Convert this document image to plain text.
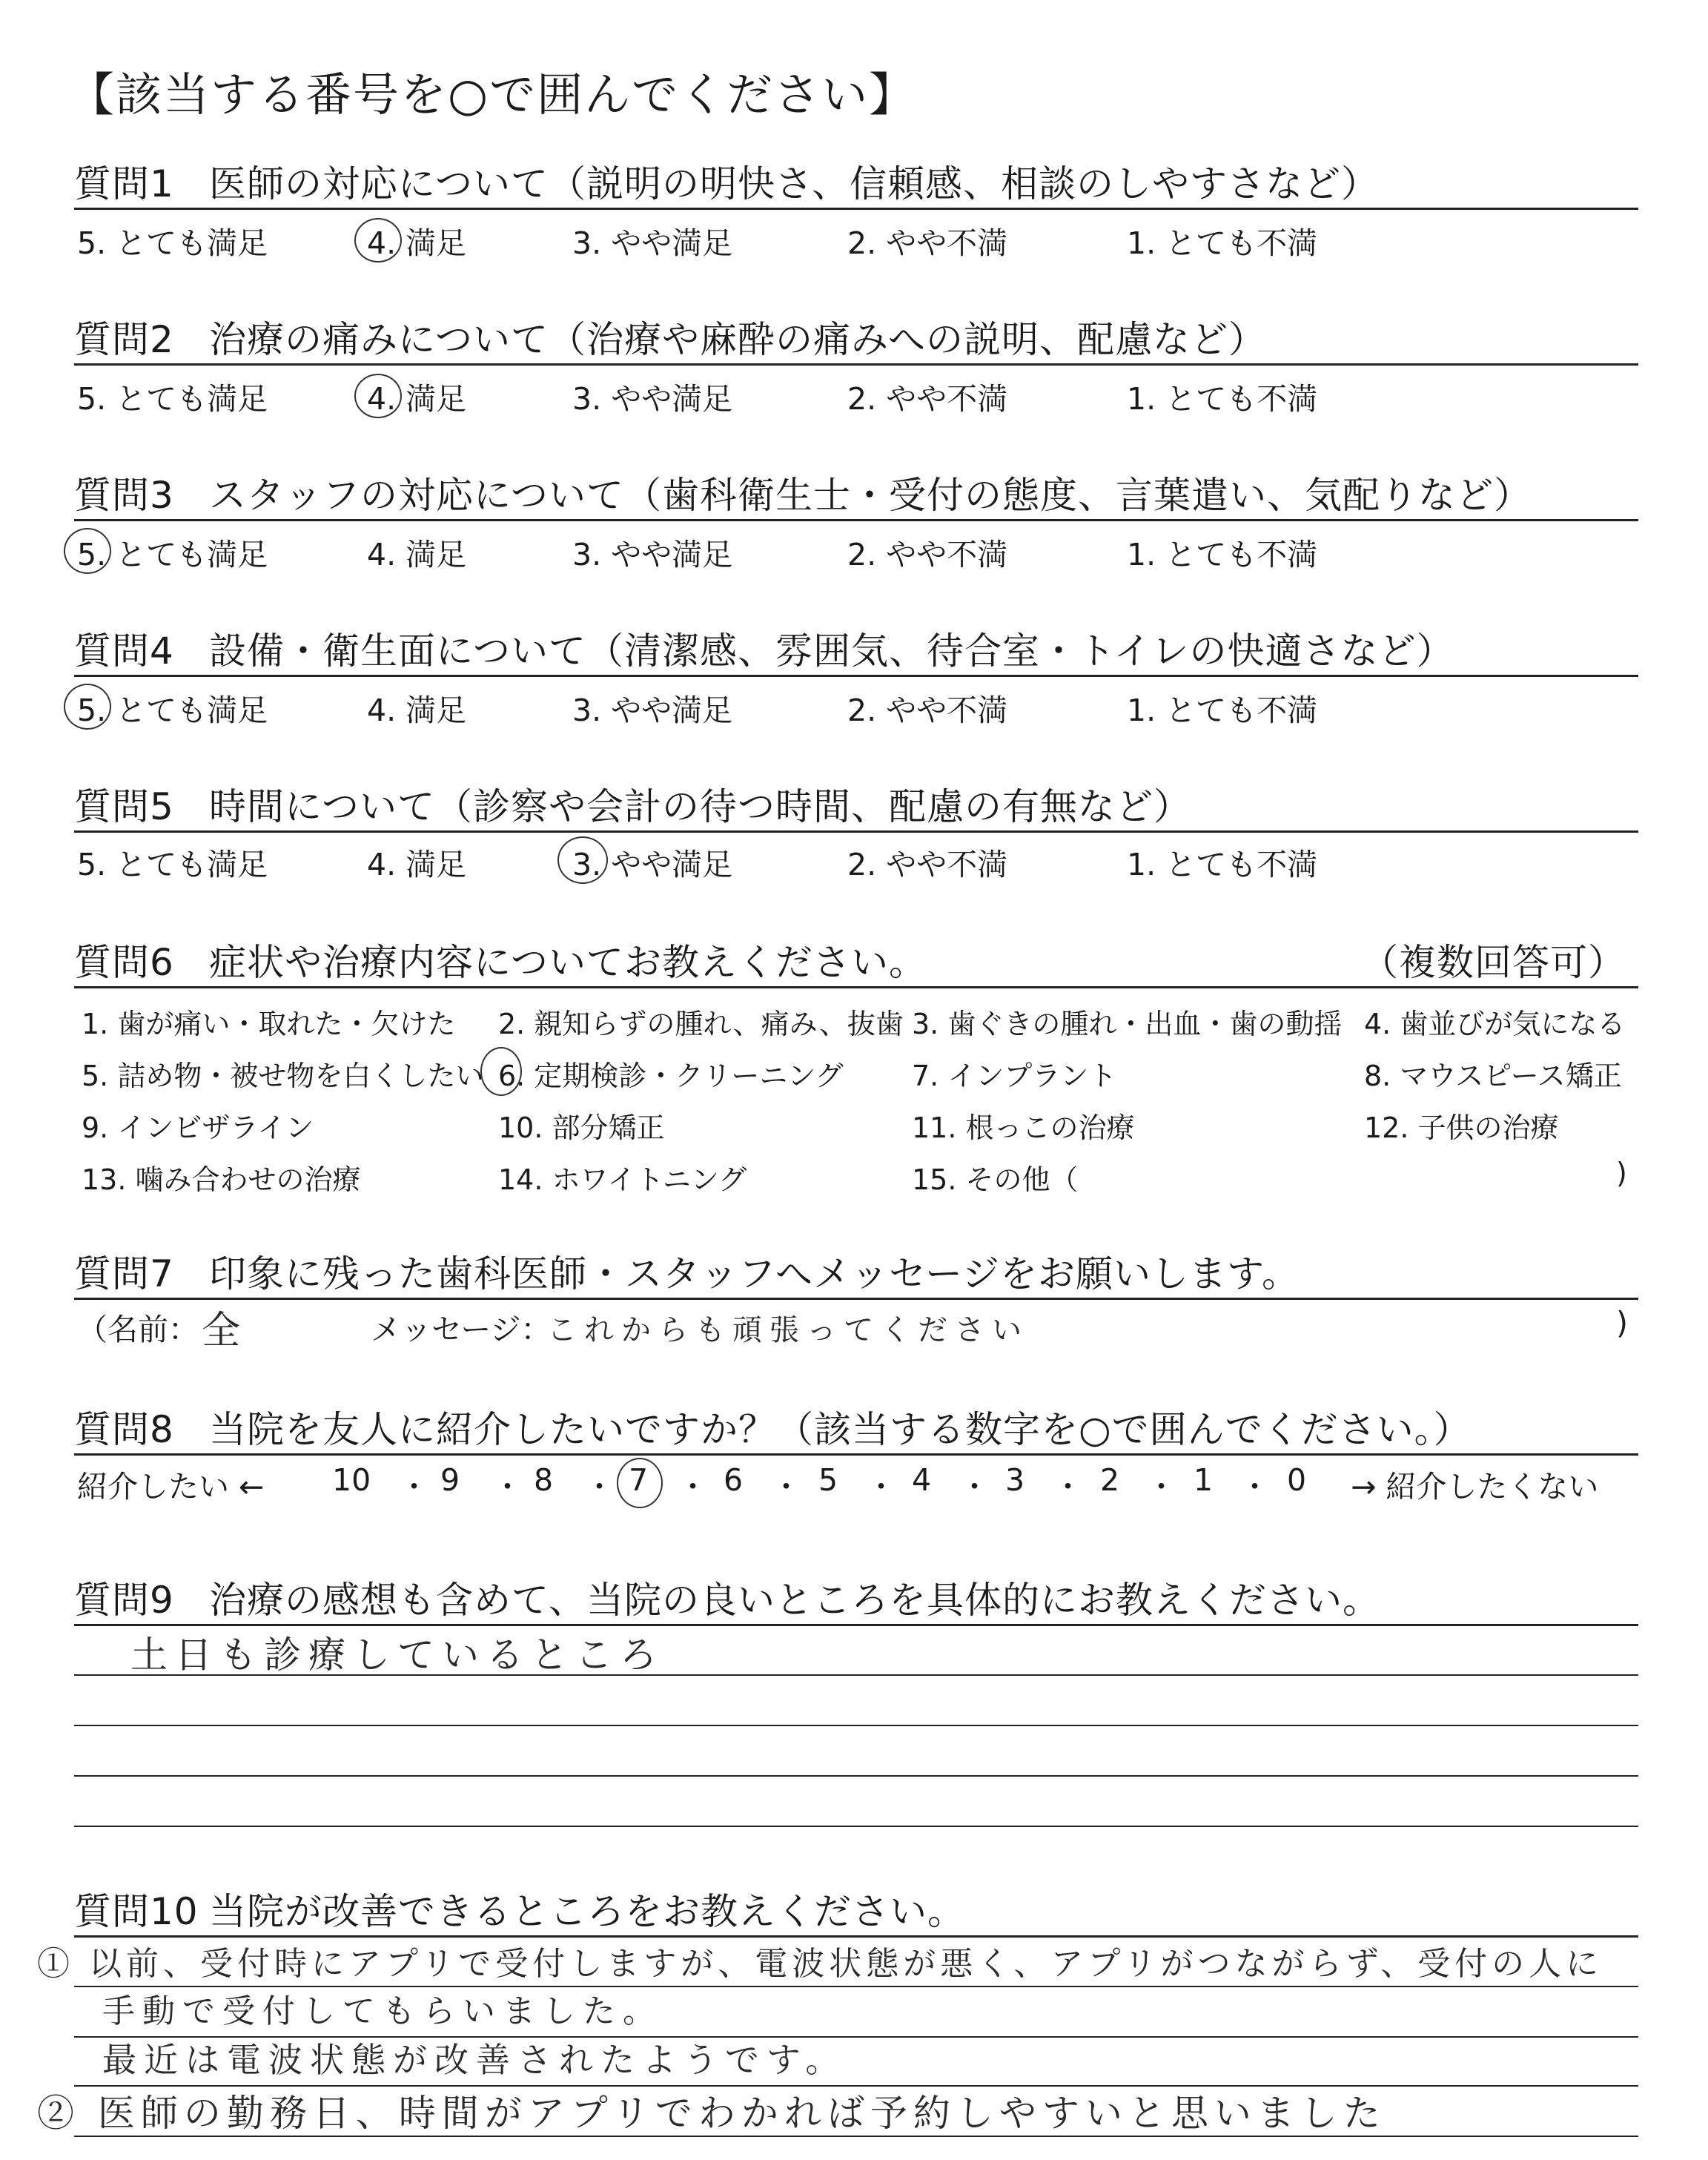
【該当する番号を○で囲んでください】
質問1 医師の対応について（説明の明快さ、信頼感、相談のしやすさなど）
5. とても満足	4. 満足	3. やや満足	2. やや不満	1. とても不満
質問2 治療の痛みについて（治療や麻酔の痛みへの説明、配慮など）
5. とても満足	4. 満足	3. やや満足	2. やや不満	1. とても不満
質問3 スタッフの対応について（歯科衛生士・受付の態度、言葉遣い、気配りなど）
5. とても満足	4. 満足	3. やや満足	2. やや不満	1. とても不満
質問4 設備・衛生面について（清潔感、雰囲気、待合室・トイレの快適さなど）
5. とても満足	4. 満足	3. やや満足	2. やや不満	1. とても不満
質問5 時間について（診察や会計の待つ時間、配慮の有無など）
5. とても満足	4. 満足	3. やや満足	2. やや不満	1. とても不満
質問6 症状や治療内容についてお教えください。	（複数回答可）
1. 歯が痛い・取れた・欠けた 2. 親知らずの腫れ、痛み、抜歯 3. 歯ぐきの腫れ・出血・歯の動揺 4. 歯並びが気になる
5. 詰め物・被せ物を白くしたい 6. 定期検診・クリーニング 7. インプラント	8. マウスピース矯正
9. インビザライン	10. 部分矯正	11. 根っこの治療	12. 子供の治療
13. 噛み合わせの治療	14. ホワイトニング	15. その他（	)
質問7 印象に残った歯科医師・スタッフへメッセージをお願いします。
（名前： 全	メッセージ：
これからも頑張ってください	)
質問8 当院を友人に紹介したいですか？（該当する数字を○で囲んでください。）
紹介したい ←	→ 紹介したくない
10 ・ 9 ・ 8 ・ 7 ・ 6 ・ 5 ・ 4 ・ 3 ・ 2 ・ 1 ・ 0
質問9 治療の感想も含めて、当院の良いところを具体的にお教えください。
土日も診療しているところ
質問10 当院が改善できるところをお教えください。
① 以前、受付時にアプリで受付しますが、電波状態が悪く、アプリがつながらず、受付の人に
手動で受付してもらいました。
最近は電波状態が改善されたようです。
② 医師の勤務日、時間がアプリでわかれば予約しやすいと思いました
